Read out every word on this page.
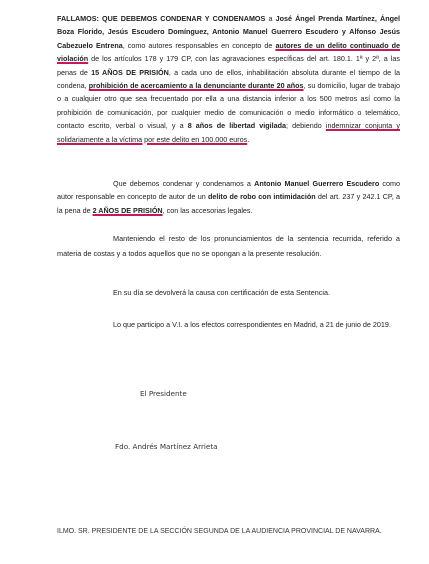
FALLAMOS: QUE DEBEMOS CONDENAR Y CONDENAMOS a José Ángel Prenda Martínez, Ángel Boza Florido, Jesús Escudero Domínguez, Antonio Manuel Guerrero Escudero y Alfonso Jesús Cabezuelo Entrena, como autores responsables en concepto de autores de un delito continuado de violación de los artículos 178 y 179 CP, con las agravaciones específicas del art. 180.1. 1ª y 2ª, a las penas de 15 AÑOS DE PRISIÓN, a cada uno de ellos, inhabilitación absoluta durante el tiempo de la condena, prohibición de acercamiento a la denunciante durante 20 años, su domicilio, lugar de trabajo o a cualquier otro que sea frecuentado por ella a una distancia inferior a los 500 metros así como la prohibición de comunicación, por cualquier medio de comunicación o medio informático o telemático, contacto escrito, verbal o visual, y a 8 años de libertad vigilada; debiendo indemnizar conjunta y solidariamente a la víctima por este delito en 100.000 euros.

Que debemos condenar y condenamos a Antonio Manuel Guerrero Escudero como autor responsable en concepto de autor de un delito de robo con intimidación del art. 237 y 242.1 CP, a la pena de 2 AÑOS DE PRISIÓN, con las accesorias legales.

Manteniendo el resto de los pronunciamientos de la sentencia recurrida, referido a materia de costas y a todos aquellos que no se opongan a la presente resolución.

En su día se devolverá la causa con certificación de esta Sentencia.

Lo que participo a V.I. a los efectos correspondientes en Madrid, a 21 de junio de 2019.

El Presidente

Fdo. Andrés Martínez Arrieta

ILMO. SR. PRESIDENTE DE LA SECCIÓN SEGUNDA DE LA AUDIENCIA PROVINCIAL DE NAVARRA.
